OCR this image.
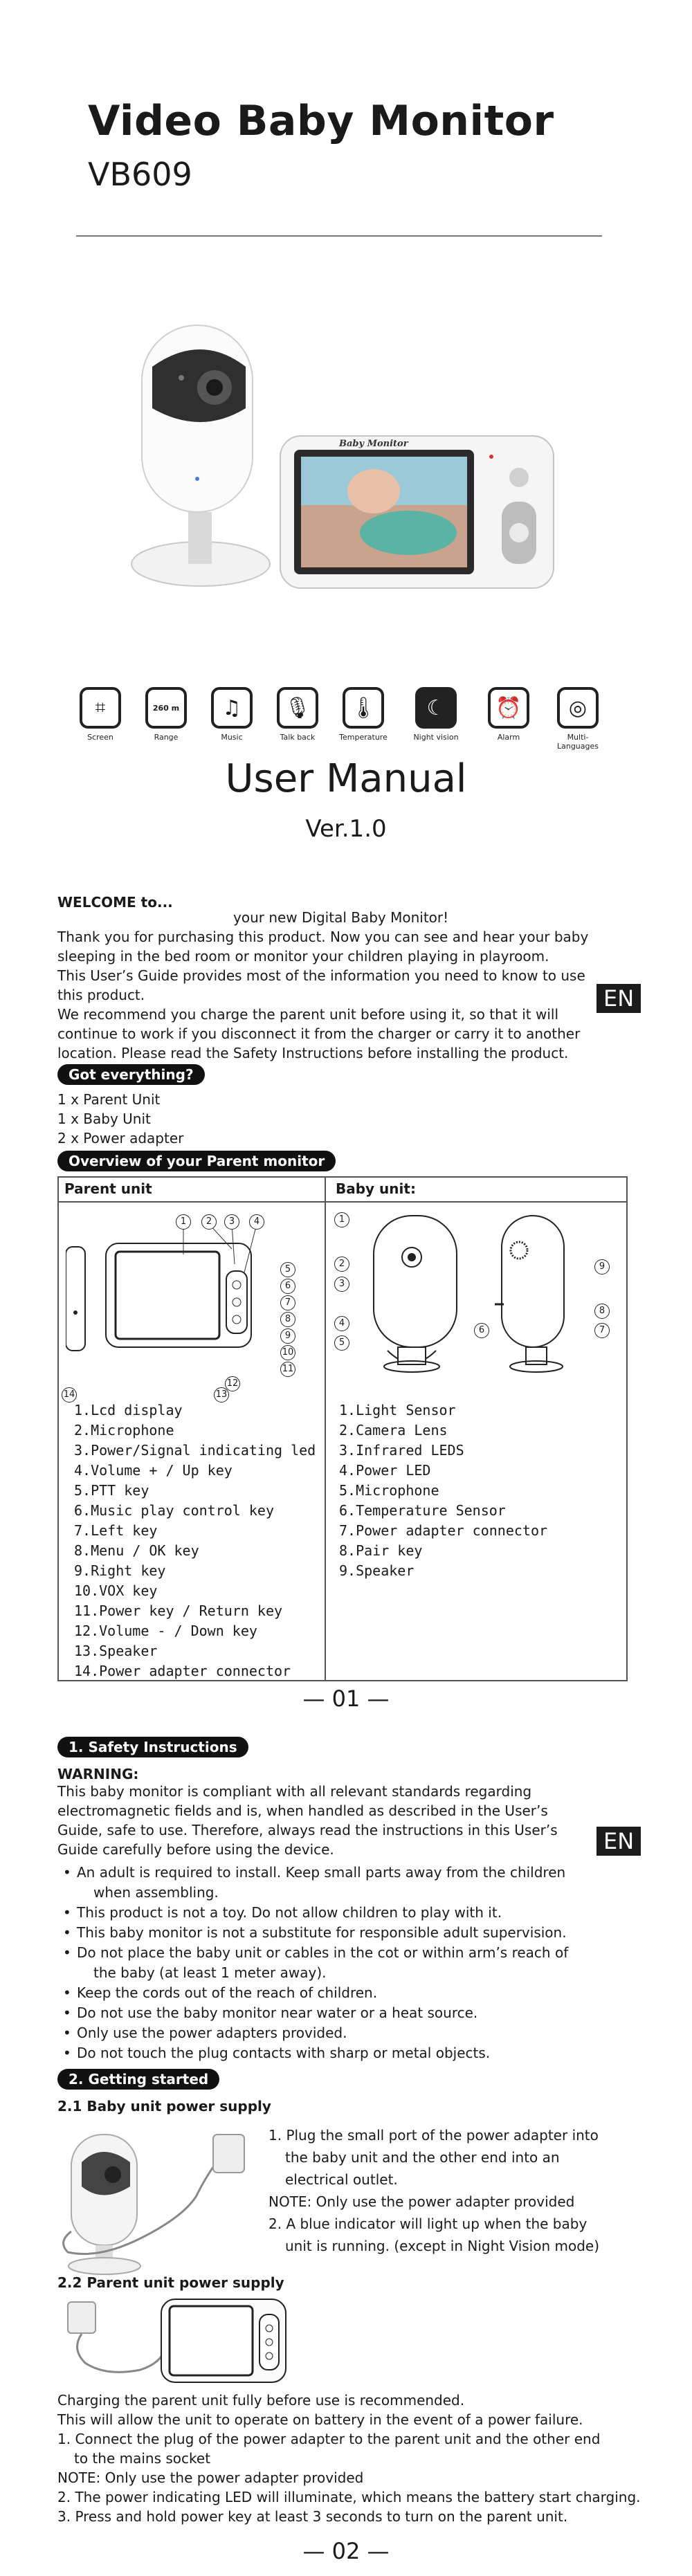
Video Baby Monitor
VB609
Baby Monitor
⌗
Screen
260 m
Range
♫
Music
🎙
Talk back
🌡
Temperature
☾
Night vision
⏰
Alarm
◎
Multi-Languages
User Manual
Ver.1.0
WELCOME to...
your new Digital Baby Monitor!
Thank you for purchasing this product. Now you can see and hear your baby
sleeping in the bed room or monitor your children playing in playroom.
This User’s Guide provides most of the information you need to know to use
this product.
We recommend you charge the parent unit before using it, so that it will
continue to work if you disconnect it from the charger or carry it to another
location. Please read the Safety Instructions before installing the product.
EN
Got everything?
1 x Parent Unit
1 x Baby Unit
2 x Power adapter
Overview of your Parent monitor
Parent unit	Baby unit:
1	2	3	4
5
6
7
8
9
10
11
12
13
14
1
2
3
4
5
6	7
8
9
1.Lcd display
2.Microphone
3.Power/Signal indicating led
4.Volume + / Up key
5.PTT key
6.Music play control key
7.Left key
8.Menu / OK key
9.Right key
10.VOX key
11.Power key / Return key
12.Volume - / Down key
13.Speaker
14.Power adapter connector
1.Light Sensor
2.Camera Lens
3.Infrared LEDS
4.Power LED
5.Microphone
6.Temperature Sensor
7.Power adapter connector
8.Pair key
9.Speaker
— 01 —
1. Safety Instructions
WARNING:
This baby monitor is compliant with all relevant standards regarding
electromagnetic fields and is, when handled as described in the User’s
Guide, safe to use. Therefore, always read the instructions in this User’s
Guide carefully before using the device.	EN
• An adult is required to install. Keep small parts away from the children
when assembling.
• This product is not a toy. Do not allow children to play with it.
• This baby monitor is not a substitute for responsible adult supervision.
• Do not place the baby unit or cables in the cot or within arm’s reach of
the baby (at least 1 meter away).
• Keep the cords out of the reach of children.
• Do not use the baby monitor near water or a heat source.
• Only use the power adapters provided.
• Do not touch the plug contacts with sharp or metal objects.
2. Getting started
2.1 Baby unit power supply
1. Plug the small port of the power adapter into
the baby unit and the other end into an
electrical outlet.
NOTE: Only use the power adapter provided
2. A blue indicator will light up when the baby
unit is running. (except in Night Vision mode)
2.2 Parent unit power supply
Charging the parent unit fully before use is recommended.
This will allow the unit to operate on battery in the event of a power failure.
1. Connect the plug of the power adapter to the parent unit and the other end
to the mains socket
NOTE: Only use the power adapter provided
2. The power indicating LED will illuminate, which means the battery start charging.
3. Press and hold power key at least 3 seconds to turn on the parent unit.
— 02 —
